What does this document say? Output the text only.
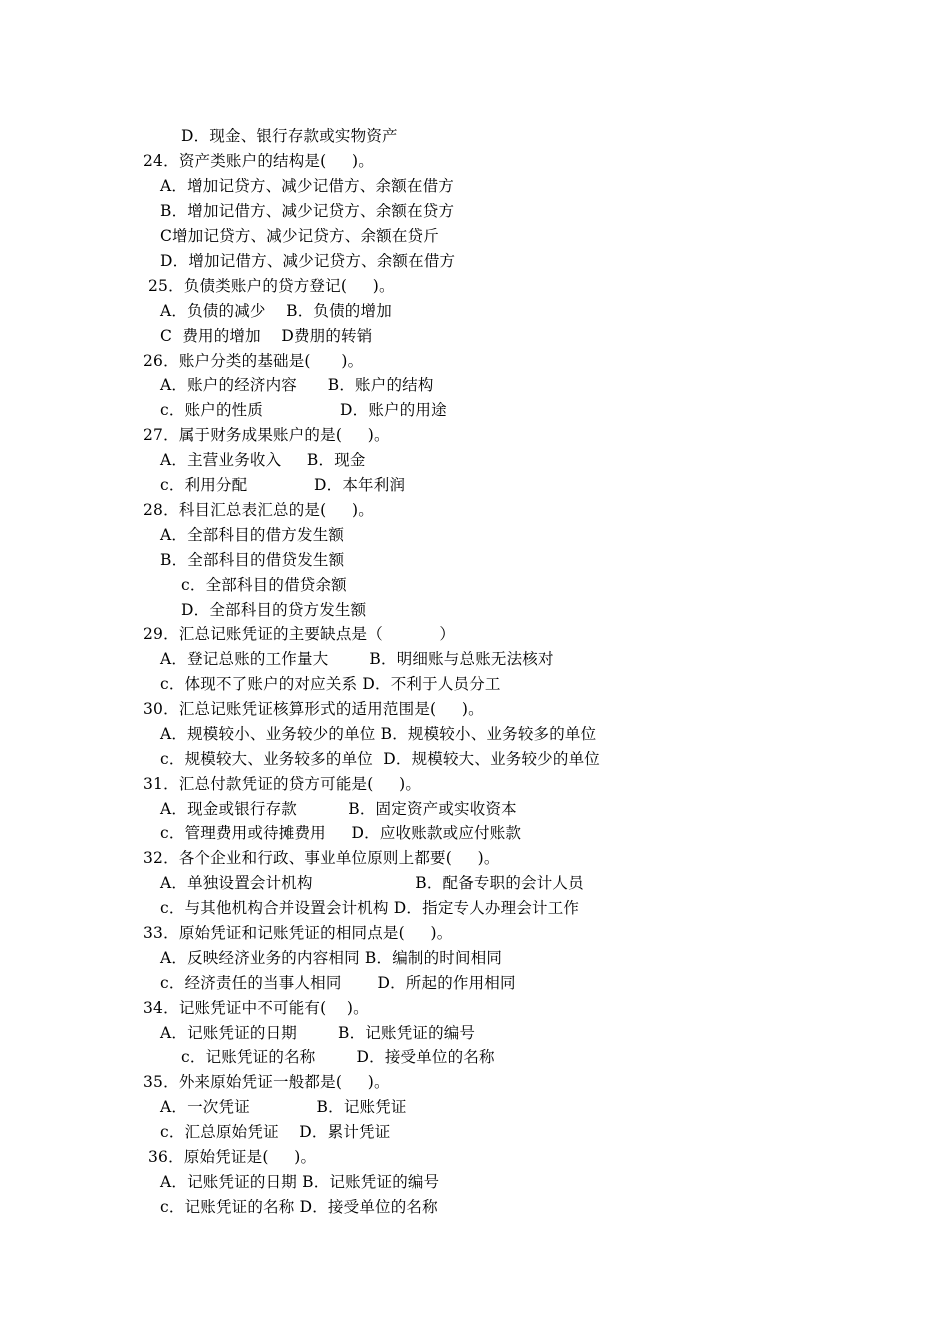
D．现金、银行存款或实物资产
24．资产类账户的结构是(     )。
A．增加记贷方、减少记借方、余额在借方
B．增加记借方、减少记贷方、余额在贷方
C增加记贷方、减少记贷方、余额在贷斤
D．增加记借方、减少记贷方、余额在借方
25．负债类账户的贷方登记(     )。
A．负债的减少    B．负债的增加
C  费用的增加    D费朋的转销
26．账户分类的基础是(      )。
A．账户的经济内容      B．账户的结构
c．账户的性质               D．账户的用途
27．属于财务成果账户的是(     )。
A．主营业务收入     B．现金
c．利用分配             D．本年利润
28．科目汇总表汇总的是(     )。
A．全部科目的借方发生额
B．全部科目的借贷发生额
c．全部科目的借贷余额
D．全部科目的贷方发生额
29．汇总记账凭证的主要缺点是（           ）
A．登记总账的工作量大        B．明细账与总账无法核对
c．体现不了账户的对应关系 D．不利于人员分工
30．汇总记账凭证核算形式的适用范围是(     )。
A．规模较小、业务较少的单位 B．规模较小、业务较多的单位
c．规模较大、业务较多的单位  D．规模较大、业务较少的单位
31．汇总付款凭证的贷方可能是(     )。
A．现金或银行存款          B．固定资产或实收资本
c．管理费用或待摊费用     D．应收账款或应付账款
32．各个企业和行政、事业单位原则上都要(     )。
A．单独设置会计机构                    B．配备专职的会计人员
c．与其他机构合并设置会计机构 D．指定专人办理会计工作
33．原始凭证和记账凭证的相同点是(     )。
A．反映经济业务的内容相同 B．编制的时间相同
c．经济责任的当事人相同       D．所起的作用相同
34．记账凭证中不可能有(    )。
A．记账凭证的日期        B．记账凭证的编号
c．记账凭证的名称        D．接受单位的名称
35．外来原始凭证一般都是(     )。
A．一次凭证             B．记账凭证
c．汇总原始凭证    D．累计凭证
36．原始凭证是(     )。
A．记账凭证的日期 B．记账凭证的编号
c．记账凭证的名称 D．接受单位的名称
